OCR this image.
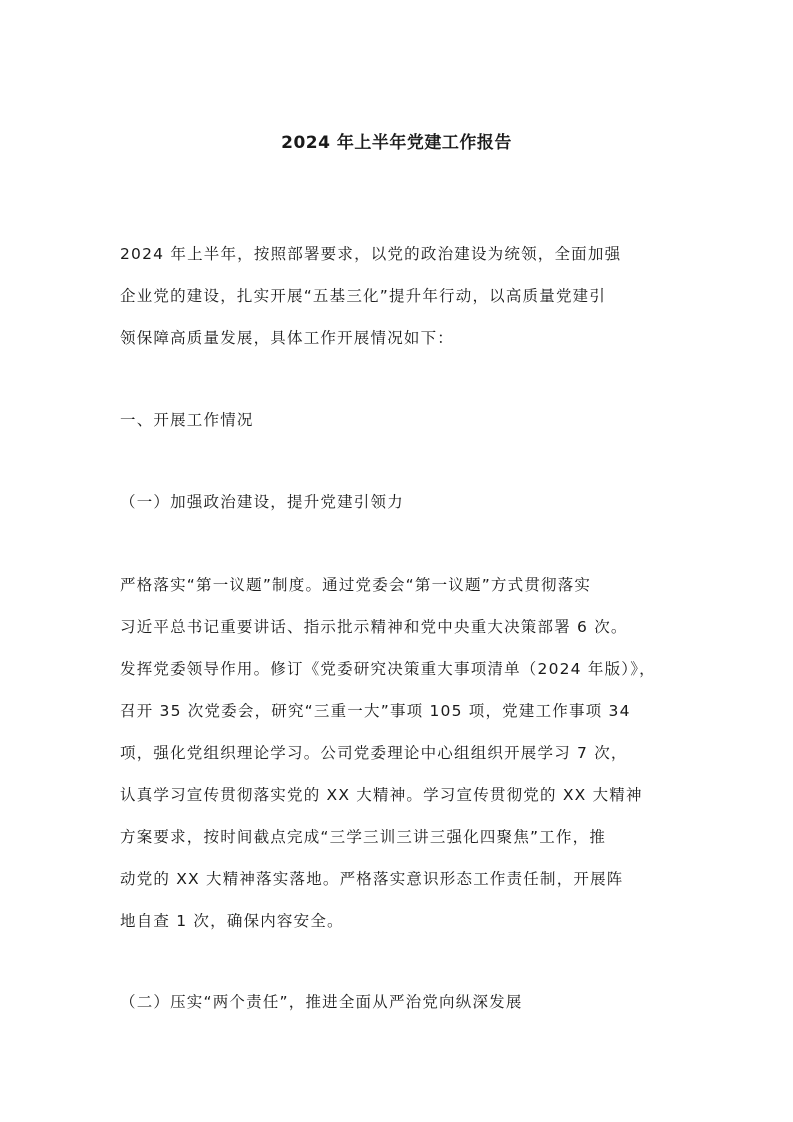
2024 年上半年党建工作报告

2024 年上半年，按照部署要求，以党的政治建设为统领，全面加强

企业党的建设，扎实开展“五基三化”提升年行动，以高质量党建引

领保障高质量发展，具体工作开展情况如下：

一、开展工作情况

（一）加强政治建设，提升党建引领力

严格落实“第一议题”制度。通过党委会“第一议题”方式贯彻落实

习近平总书记重要讲话、指示批示精神和党中央重大决策部署 6 次。

发挥党委领导作用。修订《党委研究决策重大事项清单（2024 年版）》，

召开 35 次党委会，研究“三重一大”事项 105 项，党建工作事项 34

项，强化党组织理论学习。公司党委理论中心组组织开展学习 7 次，

认真学习宣传贯彻落实党的 XX 大精神。学习宣传贯彻党的 XX 大精神

方案要求，按时间截点完成“三学三训三讲三强化四聚焦”工作，推

动党的 XX 大精神落实落地。严格落实意识形态工作责任制，开展阵

地自查 1 次，确保内容安全。

（二）压实“两个责任”，推进全面从严治党向纵深发展
